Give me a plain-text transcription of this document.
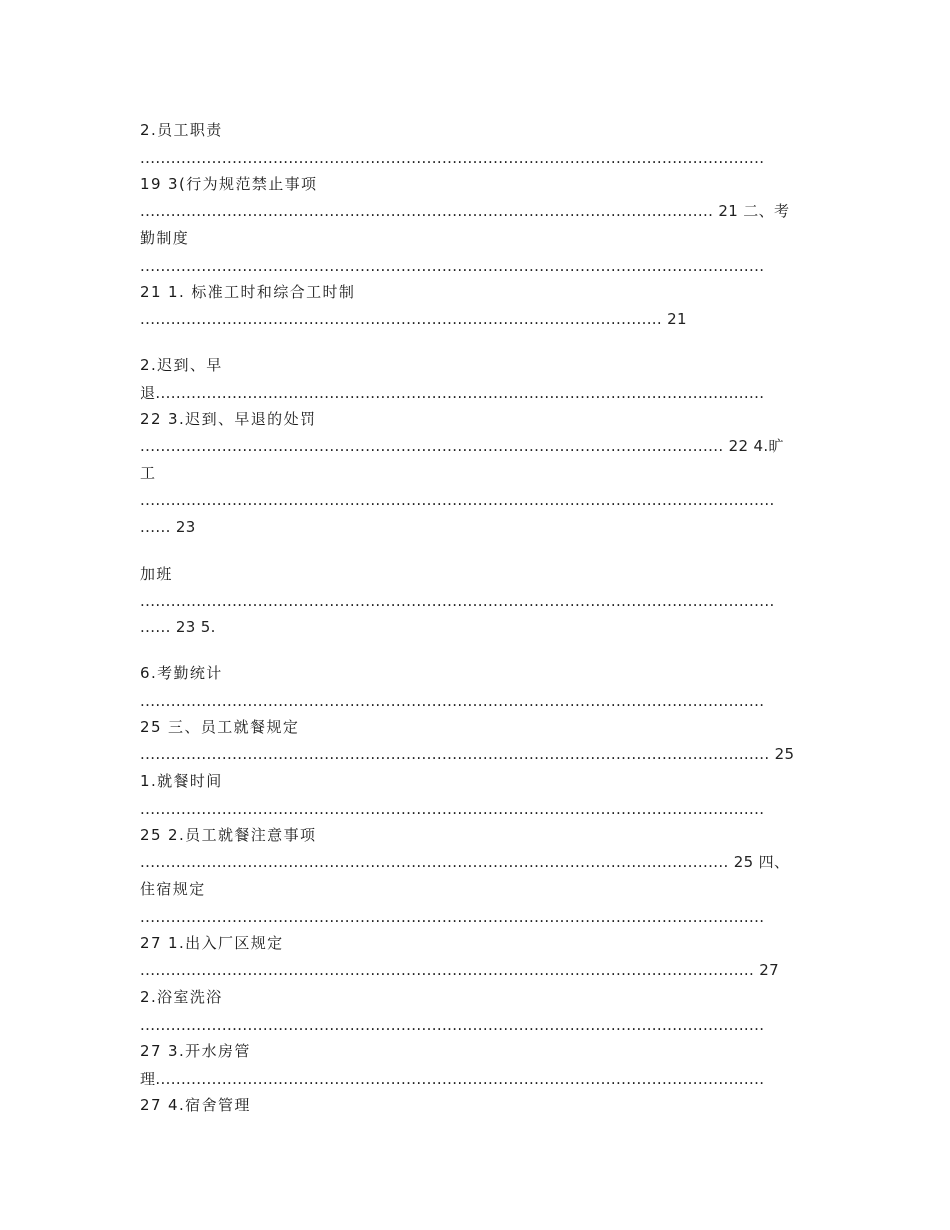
2.员工职责

..........................................................................................................................

19 3(行为规范禁止事项

................................................................................................................ 21 二、考

勤制度

..........................................................................................................................

21 1. 标准工时和综合工时制

...................................................................................................... 21

2.迟到、早

退.......................................................................................................................

22 3.迟到、早退的处罚

.................................................................................................................. 22 4.旷

工

............................................................................................................................

...... 23

加班

............................................................................................................................

...... 23 5.

6.考勤统计

..........................................................................................................................

25 三、员工就餐规定

........................................................................................................................... 25

1.就餐时间

..........................................................................................................................

25 2.员工就餐注意事项

................................................................................................................... 25 四、

住宿规定

..........................................................................................................................

27 1.出入厂区规定

........................................................................................................................ 27

2.浴室洗浴

..........................................................................................................................

27 3.开水房管

理.......................................................................................................................

27 4.宿舍管理
